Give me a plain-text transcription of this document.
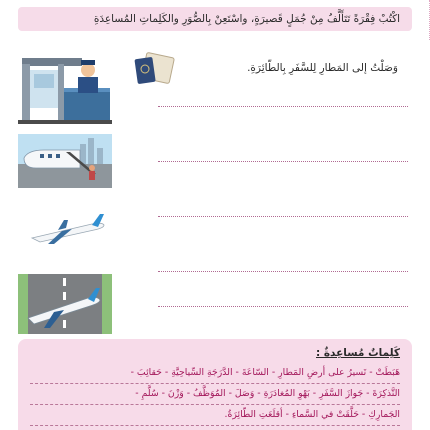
اكْتُبْ فِقْرَةً تَتَأَلَّفُ مِنْ جُمَلٍ قَصيرَةٍ، واسْتَعِنْ بِالصُّوَرِ والكَلِماتِ المُساعِدَةِ
وَصَلْتُ إلى المَطارِ لِلسَّفَرِ بِالطّائِرَةِ.
كَلِماتٌ مُساعِدةٌ :
هَبَطَتْ - تَسيرُ على أرضِ المَطارِ - السّاعَةَ - الدَّرَجَةِ السِّياحِيَّةِ - حَقائِبَ -
التَّذكِرَةَ - جَوازَ السَّفَرِ - بَهْوِ المُغادَرَةِ - وَصَلَ - المُوَظَّفُ - وَزْنَ - سُلَّمِ -
الجَمارِكِ - حَلَّقَتْ في السَّماءِ - أقلَعَتِ الطّائِرَةُ.
